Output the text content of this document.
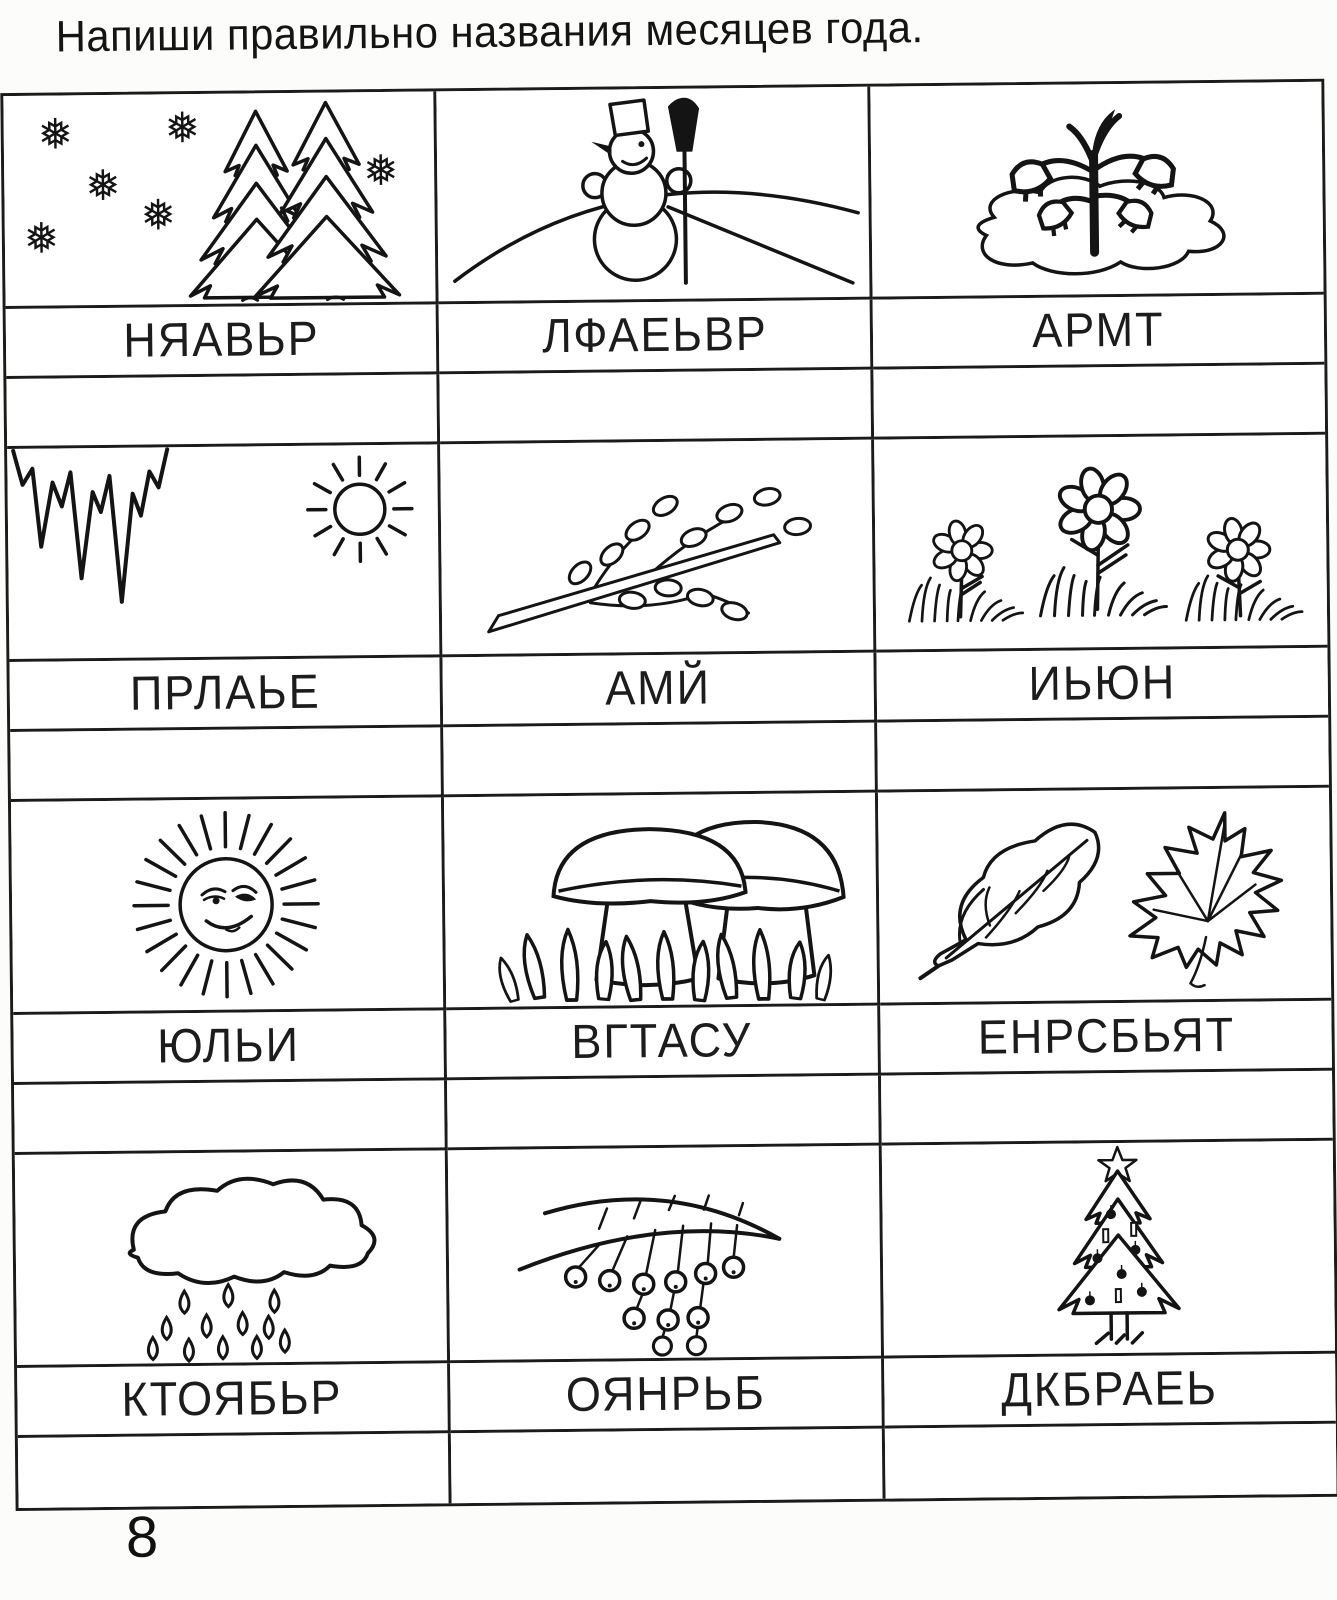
Напиши правильно названия месяцев года.
❅ ❅
❅
❅
❅
❅
НЯАВЬР	ЛФАЕЬВР	АРМТ
ПРЛАЬЕ	АМЙ	ИЬЮН
ЮЛЬИ	ВГТАСУ	ЕНРСБЬЯТ
КТОЯБЬР	ОЯНРЬБ	ДКБРАЕЬ
8
